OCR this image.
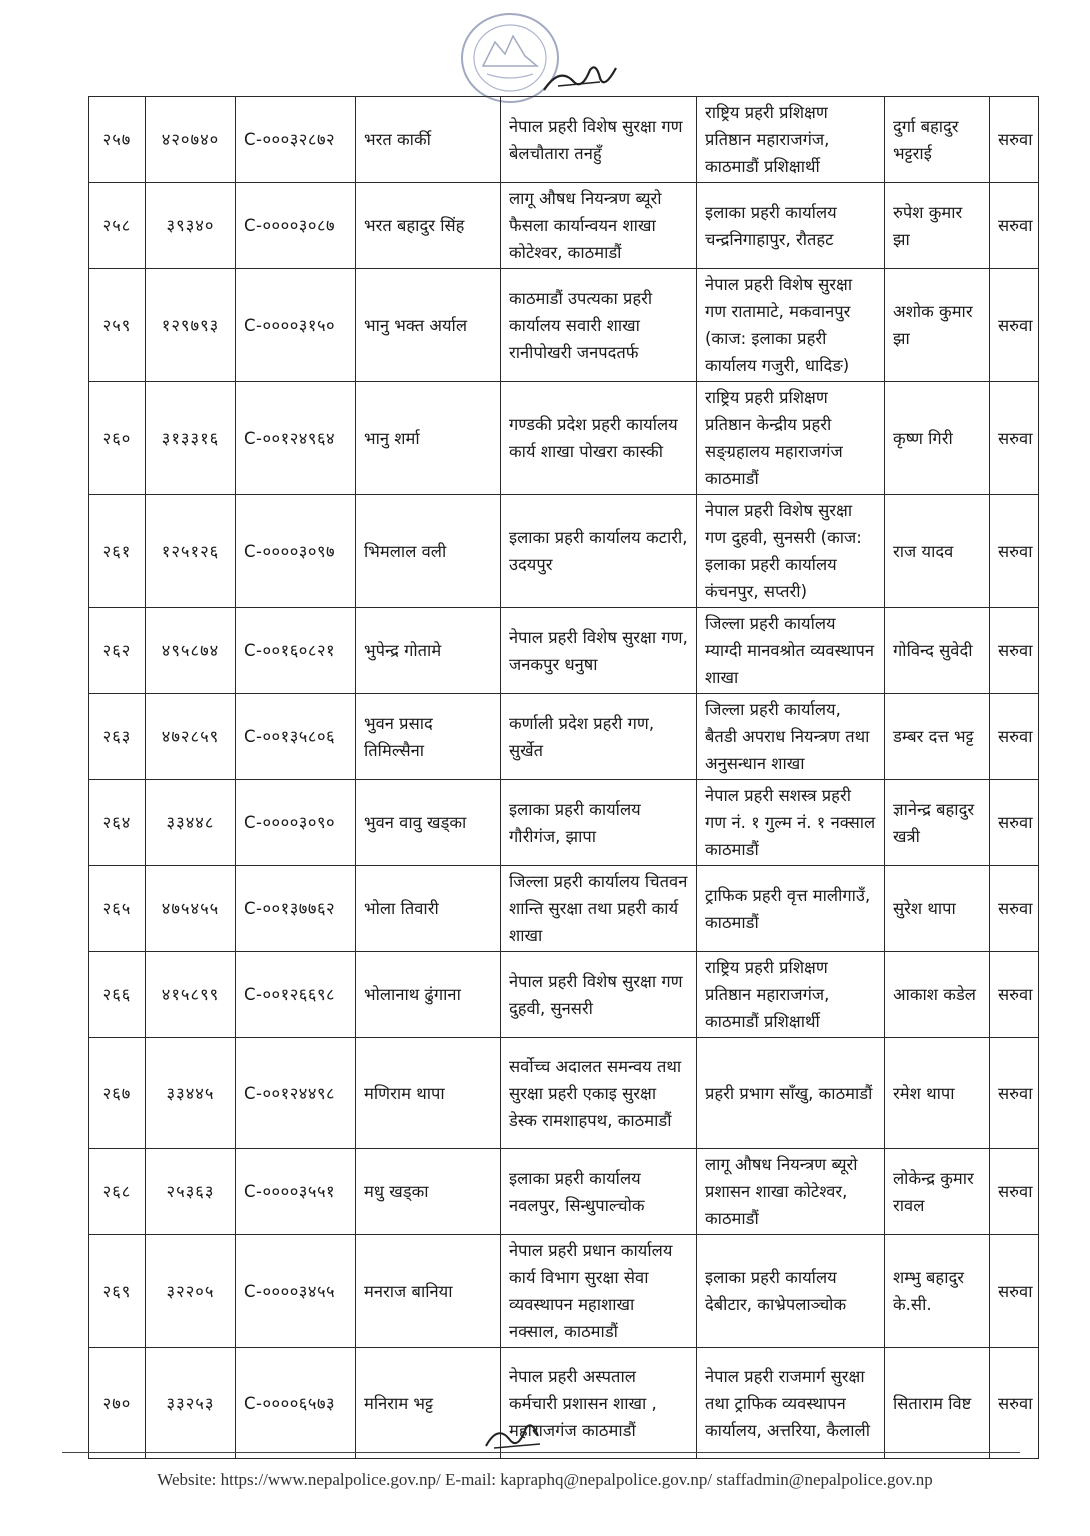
२५७	४२०७४०	C-०००३२८७२	भरत कार्की	नेपाल प्रहरी विशेष सुरक्षा गण बेलचौतारा तनहुँ	राष्ट्रिय प्रहरी प्रशिक्षण प्रतिष्ठान महाराजगंज, काठमाडौं प्रशिक्षार्थी	दुर्गा बहादुर भट्टराई	सरुवा
२५८	३९३४०	C-००००३०८७	भरत बहादुर सिंह	लागू औषध नियन्त्रण ब्यूरो फैसला कार्यान्वयन शाखा कोटेश्वर, काठमाडौं	इलाका प्रहरी कार्यालय चन्द्रनिगाहापुर, रौतहट	रुपेश कुमार झा	सरुवा
२५९	१२९७९३	C-००००३१५०	भानु भक्त अर्याल	काठमाडौं उपत्यका प्रहरी कार्यालय सवारी शाखा रानीपोखरी जनपदतर्फ	नेपाल प्रहरी विशेष सुरक्षा गण रातामाटे, मकवानपुर (काज: इलाका प्रहरी कार्यालय गजुरी, धादिङ)	अशोक कुमार झा	सरुवा
२६०	३१३३१६	C-००१२४९६४	भानु शर्मा	गण्डकी प्रदेश प्रहरी कार्यालय कार्य शाखा पोखरा कास्की	राष्ट्रिय प्रहरी प्रशिक्षण प्रतिष्ठान केन्द्रीय प्रहरी सङ्ग्रहालय महाराजगंज काठमाडौं	कृष्ण गिरी	सरुवा
२६१	१२५१२६	C-००००३०९७	भिमलाल वली	इलाका प्रहरी कार्यालय कटारी, उदयपुर	नेपाल प्रहरी विशेष सुरक्षा गण दुहवी, सुनसरी (काज: इलाका प्रहरी कार्यालय कंचनपुर, सप्तरी)	राज यादव	सरुवा
२६२	४९५८७४	C-००१६०८२१	भुपेन्द्र गोतामे	नेपाल प्रहरी विशेष सुरक्षा गण, जनकपुर धनुषा	जिल्ला प्रहरी कार्यालय म्याग्दी मानवश्रोत व्यवस्थापन शाखा	गोविन्द सुवेदी	सरुवा
२६३	४७२८५९	C-००१३५८०६	भुवन प्रसाद तिमिल्सैना	कर्णाली प्रदेश प्रहरी गण, सुर्खेत	जिल्ला प्रहरी कार्यालय, बैतडी अपराध नियन्त्रण तथा अनुसन्धान शाखा	डम्बर दत्त भट्ट	सरुवा
२६४	३३४४८	C-००००३०९०	भुवन वावु खड्का	इलाका प्रहरी कार्यालय गौरीगंज, झापा	नेपाल प्रहरी सशस्त्र प्रहरी गण नं. १ गुल्म नं. १ नक्साल काठमाडौं	ज्ञानेन्द्र बहादुर खत्री	सरुवा
२६५	४७५४५५	C-००१३७७६२	भोला तिवारी	जिल्ला प्रहरी कार्यालय चितवन शान्ति सुरक्षा तथा प्रहरी कार्य शाखा	ट्राफिक प्रहरी वृत्त मालीगाउँ, काठमाडौं	सुरेश थापा	सरुवा
२६६	४१५८९९	C-००१२६६९८	भोलानाथ ढुंगाना	नेपाल प्रहरी विशेष सुरक्षा गण दुहवी, सुनसरी	राष्ट्रिय प्रहरी प्रशिक्षण प्रतिष्ठान महाराजगंज, काठमाडौं प्रशिक्षार्थी	आकाश कडेल	सरुवा
२६७	३३४४५	C-००१२४४९८	मणिराम थापा	सर्वोच्च अदालत समन्वय तथा सुरक्षा प्रहरी एकाइ सुरक्षा डेस्क रामशाहपथ, काठमाडौं	प्रहरी प्रभाग साँखु, काठमाडौं	रमेश थापा	सरुवा
२६८	२५३६३	C-००००३५५१	मधु खड्का	इलाका प्रहरी कार्यालय नवलपुर, सिन्धुपाल्चोक	लागू औषध नियन्त्रण ब्यूरो प्रशासन शाखा कोटेश्वर, काठमाडौं	लोकेन्द्र कुमार रावल	सरुवा
२६९	३२२०५	C-००००३४५५	मनराज बानिया	नेपाल प्रहरी प्रधान कार्यालय कार्य विभाग सुरक्षा सेवा व्यवस्थापन महाशाखा नक्साल, काठमाडौं	इलाका प्रहरी कार्यालय देबीटार, काभ्रेपलाञ्चोक	शम्भु बहादुर के.सी.	सरुवा
२७०	३३२५३	C-००००६५७३	मनिराम भट्ट	नेपाल प्रहरी अस्पताल कर्मचारी प्रशासन शाखा , महाराजगंज काठमाडौं	नेपाल प्रहरी राजमार्ग सुरक्षा तथा ट्राफिक व्यवस्थापन कार्यालय, अत्तरिया, कैलाली	सिताराम विष्ट	सरुवा
Website: https://www.nepalpolice.gov.np/ E-mail: kapraphq@nepalpolice.gov.np/ staffadmin@nepalpolice.gov.np
